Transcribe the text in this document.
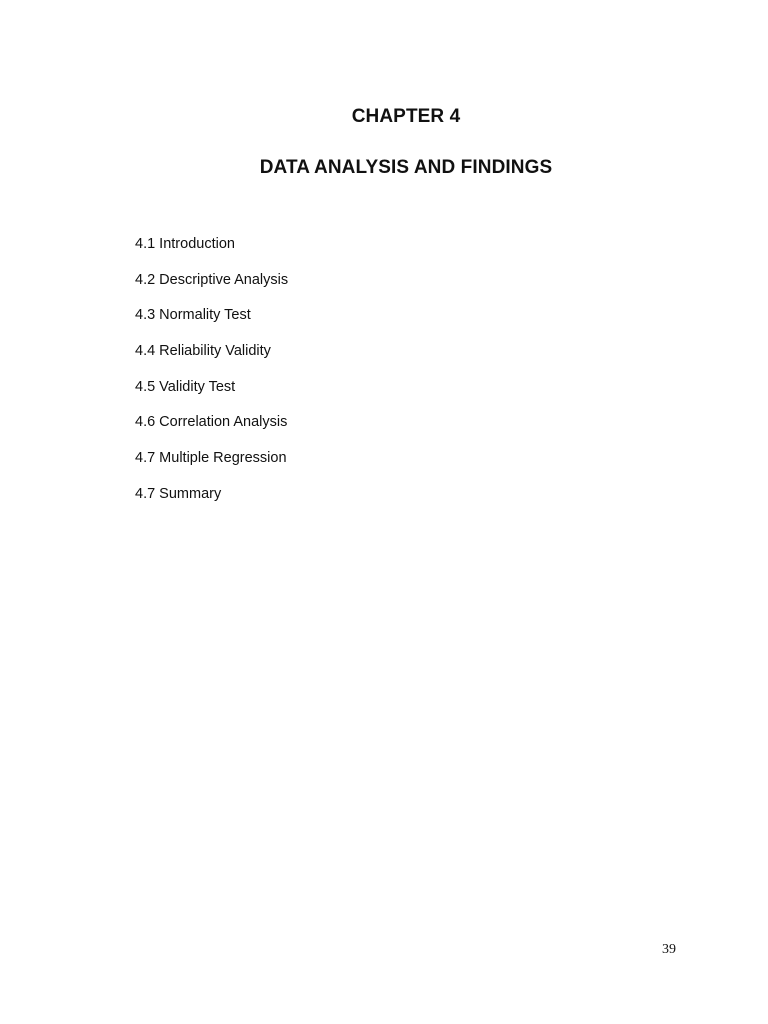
CHAPTER 4
DATA ANALYSIS AND FINDINGS
4.1 Introduction
4.2 Descriptive Analysis
4.3 Normality Test
4.4 Reliability Validity
4.5 Validity Test
4.6 Correlation Analysis
4.7 Multiple Regression
4.7 Summary
39
